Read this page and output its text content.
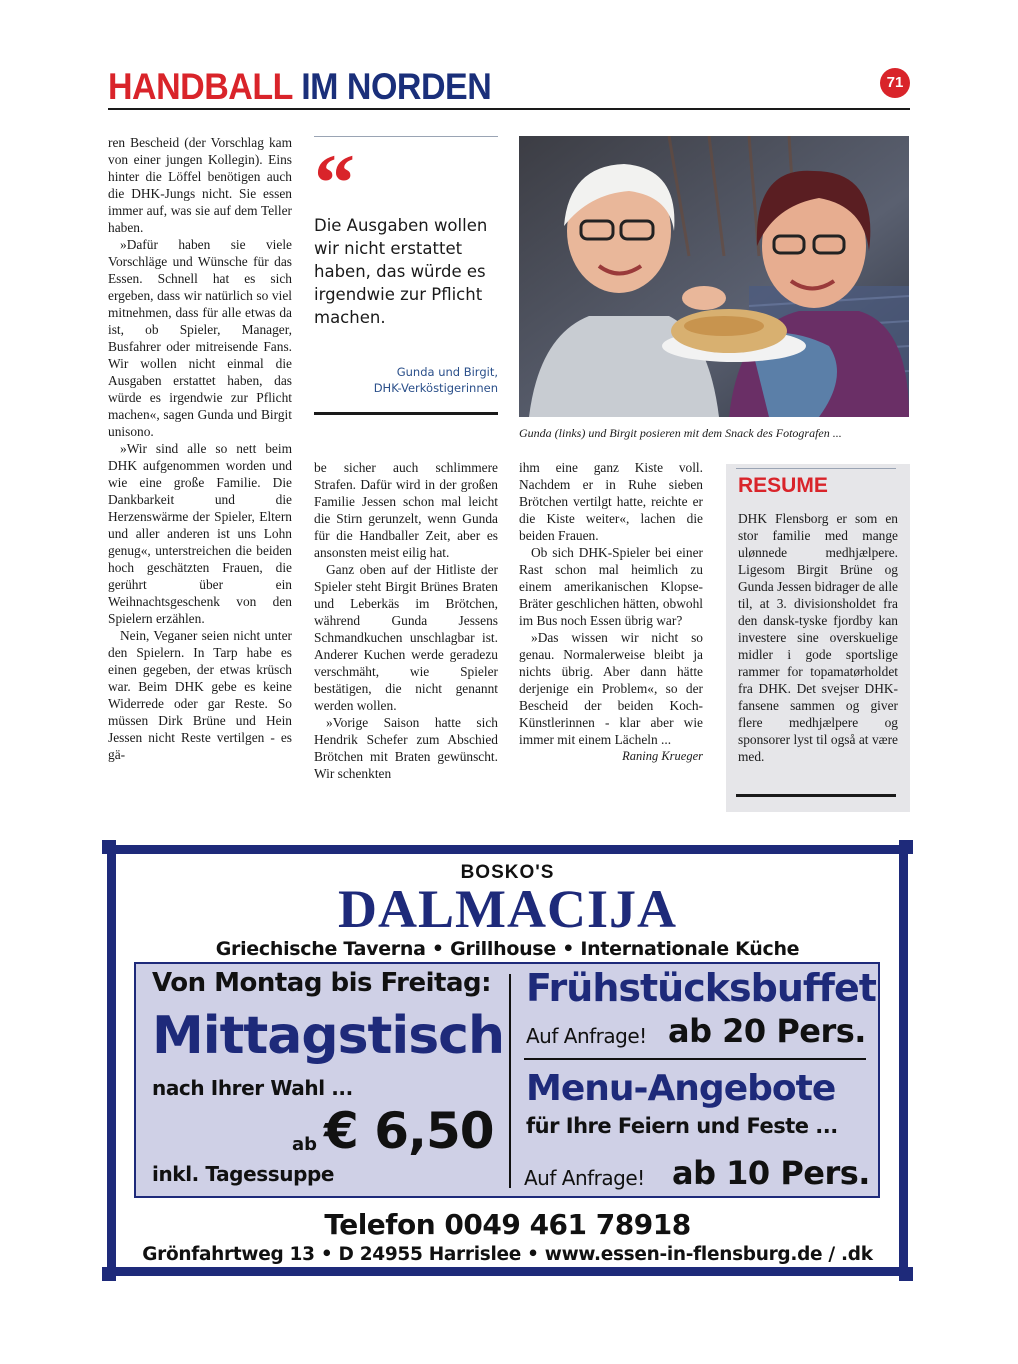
HANDBALL IM NORDEN	71

ren Bescheid (der Vorschlag kam von einer jungen Kollegin). Eins hinter die Löffel benötigen auch die DHK-Jungs nicht. Sie essen immer auf, was sie auf dem Teller haben.

»Dafür haben sie viele Vorschläge und Wünsche für das Essen. Schnell hat es sich ergeben, dass wir natürlich so viel mitnehmen, dass für alle etwas da ist, ob Spieler, Manager, Busfahrer oder mitreisende Fans. Wir wollen nicht einmal die Ausgaben erstattet haben, das würde es irgendwie zur Pflicht machen«, sagen Gunda und Birgit unisono.

»Wir sind alle so nett beim DHK aufgenommen worden und wie eine große Familie. Die Dankbarkeit und die Herzenswärme der Spieler, Eltern und aller anderen ist uns Lohn genug«, unterstreichen die beiden hoch geschätzten Frauen, die gerührt über ein Weihnachtsgeschenk von den Spielern erzählen.

Nein, Veganer seien nicht unter den Spielern. In Tarp habe es einen gegeben, der etwas krüsch war. Beim DHK gebe es keine Widerrede oder gar Reste. So müssen Dirk Brüne und Hein Jessen nicht Reste vertilgen - es gä-

“
Die Ausgaben wollen wir nicht erstattet haben, das würde es irgendwie zur Pflicht machen.
Gunda und Birgit,
DHK-Verköstigerinnen
Gunda (links) und Birgit posieren mit dem Snack des Fotografen ...

be sicher auch schlimmere Strafen. Dafür wird in der großen Familie Jessen schon mal leicht die Stirn gerunzelt, wenn Gunda für die Handballer Zeit, aber es ansonsten meist eilig hat.

Ganz oben auf der Hitliste der Spieler steht Birgit Brünes Braten und Leberkäs im Brötchen, während Gunda Jessens Schmandkuchen unschlagbar ist. Anderer Kuchen werde geradezu verschmäht, wie Spieler bestätigen, die nicht genannt werden wollen.

»Vorige Saison hatte sich Hendrik Schefer zum Abschied Brötchen mit Braten gewünscht. Wir schenkten

ihm eine ganz Kiste voll. Nachdem er in Ruhe sieben Brötchen vertilgt hatte, reichte er die Kiste weiter«, lachen die beiden Frauen.

Ob sich DHK-Spieler bei einer Rast schon mal heimlich zu einem amerikanischen Klopse-Bräter geschlichen hätten, obwohl im Bus noch Essen übrig war?

»Das wissen wir nicht so genau. Normalerweise bleibt ja nichts übrig. Aber dann hätte derjenige ein Problem«, so der Bescheid der beiden Koch-Künstlerinnen - klar aber wie immer mit einem Lächeln ...

Raning Krueger

RESUME
DHK Flensborg er som en stor familie med mange ulønnede medhjælpere. Ligesom Birgit Brüne og Gunda Jessen bidrager de alle til, at 3. divisionsholdet fra den dansk-tyske fjordby kan investere sine overskuelige midler i gode sportslige rammer for topamatørholdet fra DHK. Det svejser DHK-fansene sammen og giver flere medhjælpere og sponsorer lyst til også at være med.
BOSKO'S
DALMACIJA
Griechische Taverna • Grillhouse • Internationale Küche
Von Montag bis Freitag:
Mittagstisch
nach Ihrer Wahl ...
ab € 6,50
inkl. Tagessuppe
Frühstücksbuffet
Auf Anfrage! ab 20 Pers.
Menu-Angebote
für Ihre Feiern und Feste ...
Auf Anfrage! ab 10 Pers.
Telefon 0049 461 78918
Grönfahrtweg 13 • D 24955 Harrislee • www.essen-in-flensburg.de / .dk
